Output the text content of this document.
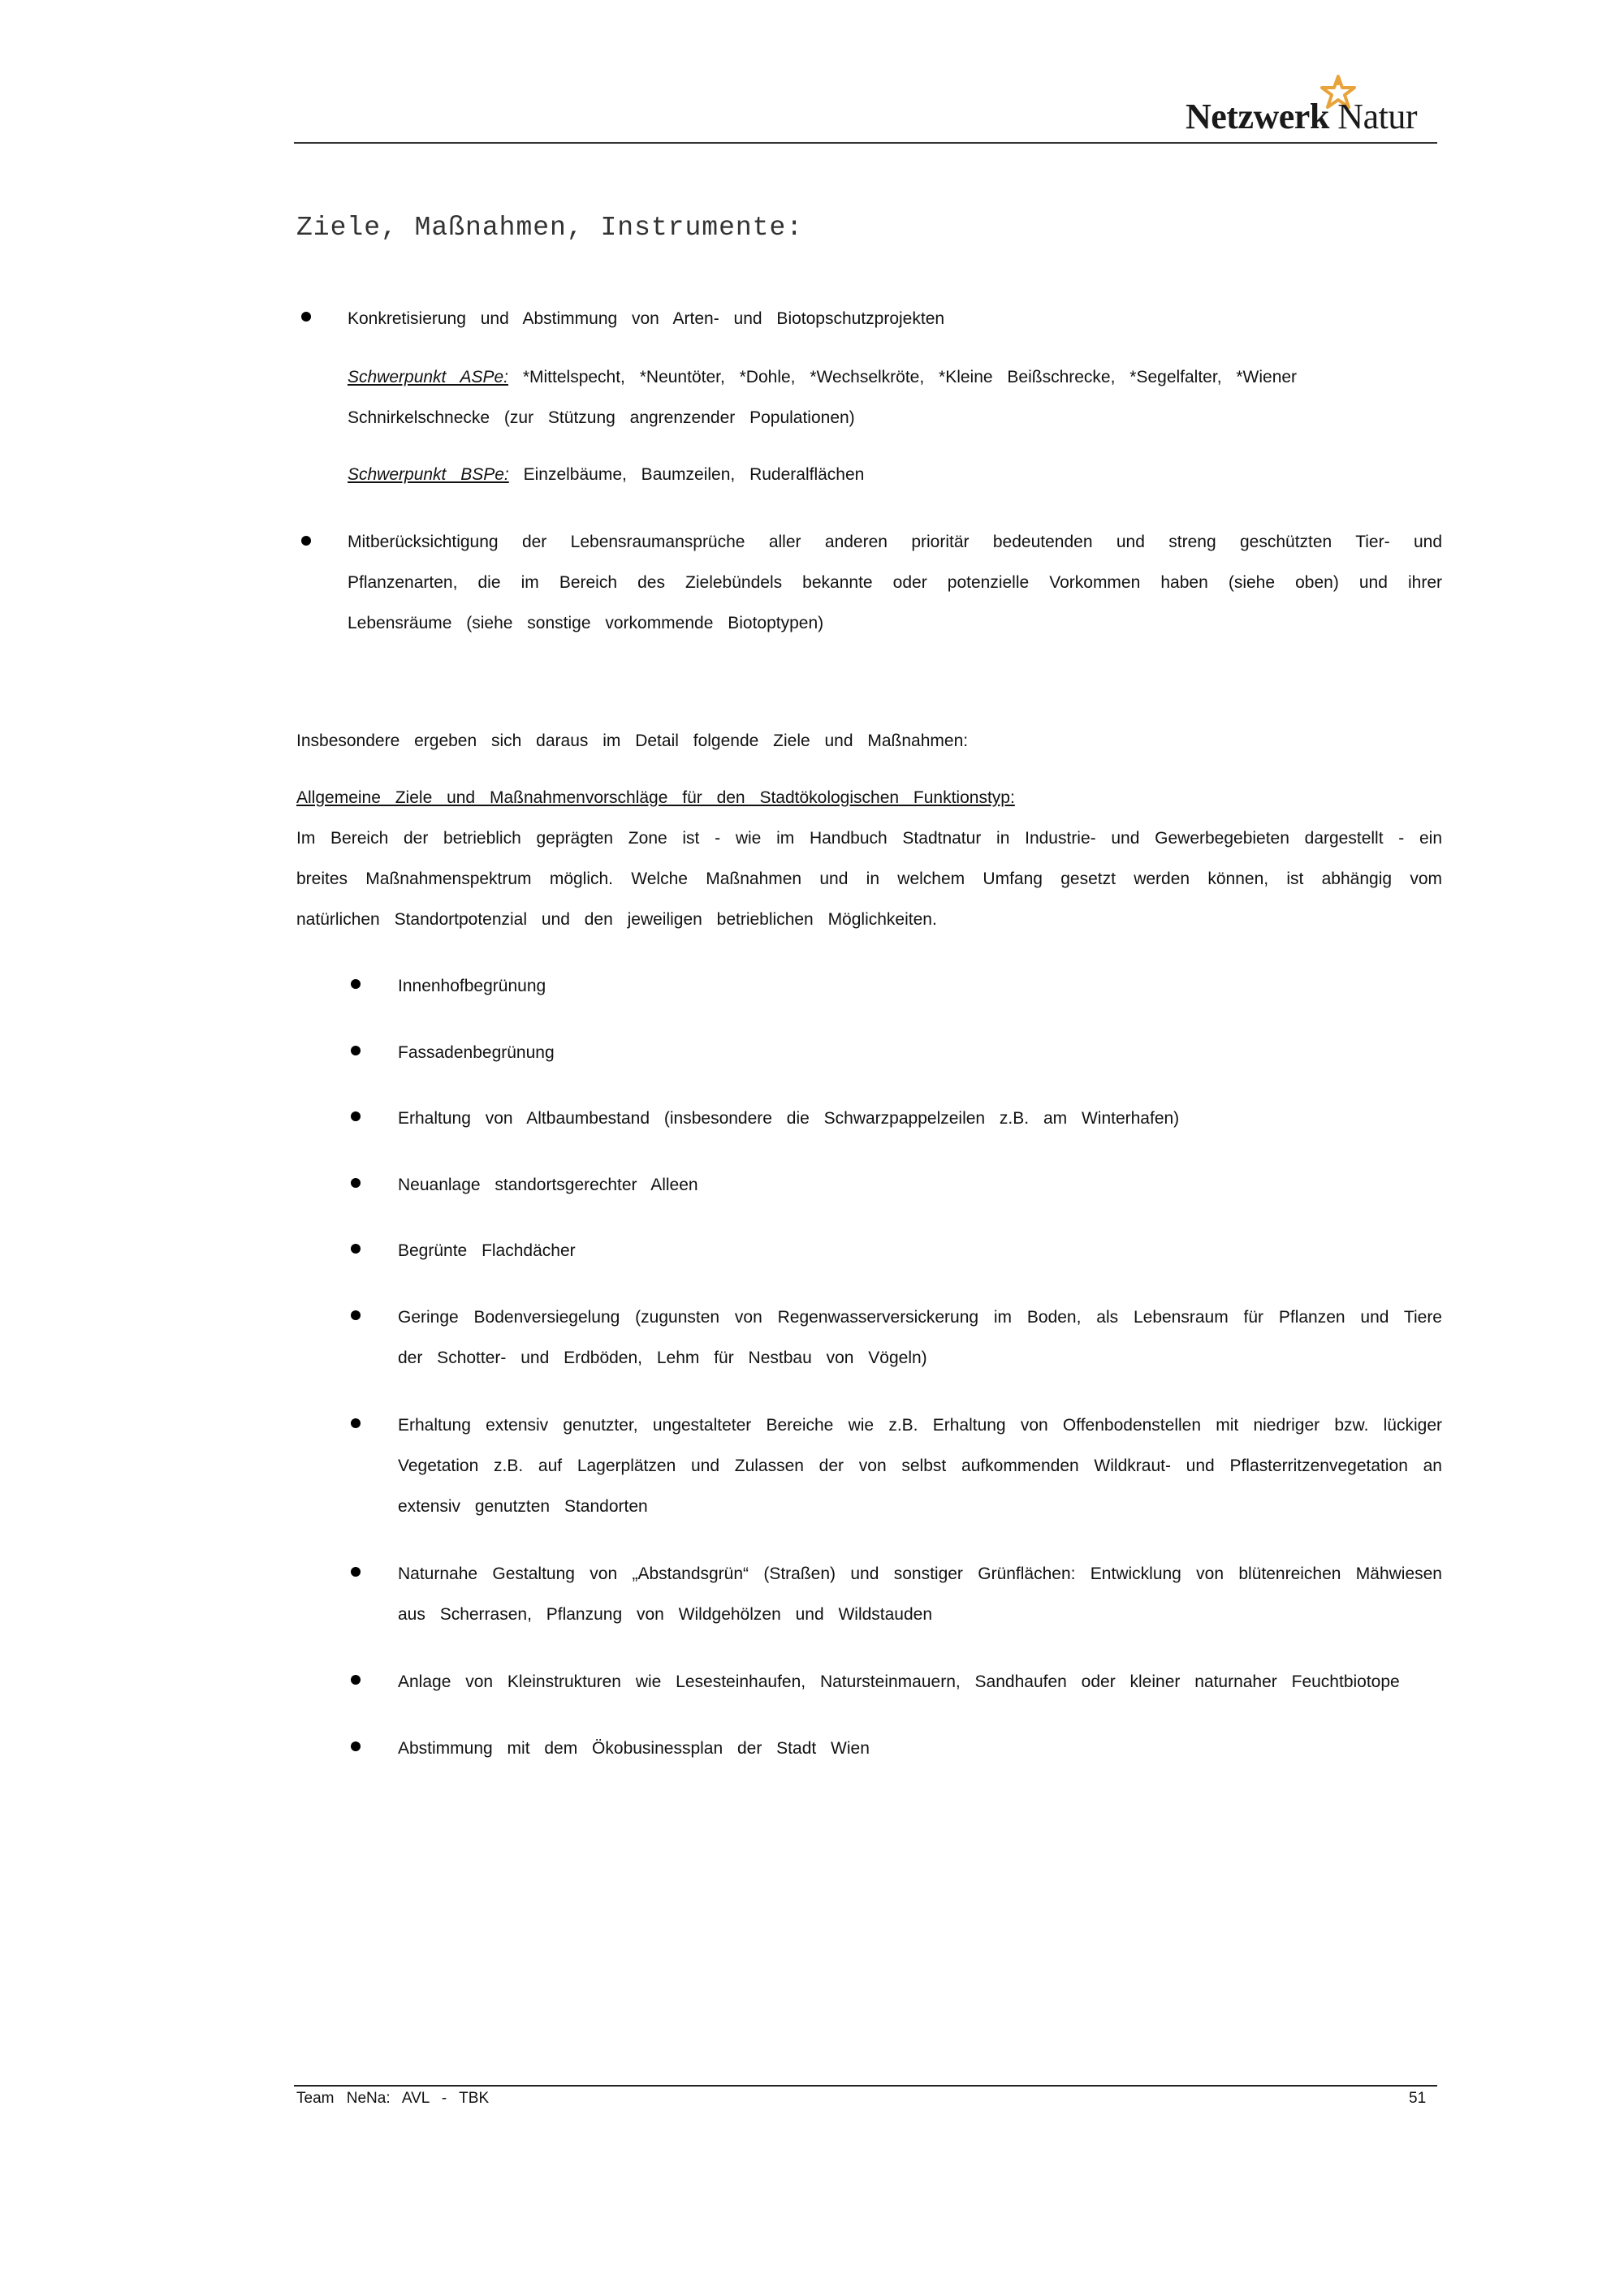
Netzwerk Natur
Ziele, Maßnahmen, Instrumente:
Konkretisierung und Abstimmung von Arten- und Biotopschutzprojekten
Schwerpunkt ASPe: *Mittelspecht, *Neuntöter, *Dohle, *Wechselkröte, *Kleine Beißschrecke, *Segelfalter, *Wiener
Schnirkelschnecke (zur Stützung angrenzender Populationen)
Schwerpunkt BSPe: Einzelbäume, Baumzeilen, Ruderalflächen
Mitberücksichtigung der Lebensraumansprüche aller anderen prioritär bedeutenden und streng geschützten Tier- und Pflanzenarten, die im Bereich des Zielebündels bekannte oder potenzielle Vorkommen haben (siehe oben) und ihrer Lebensräume (siehe sonstige vorkommende Biotoptypen)
Insbesondere ergeben sich daraus im Detail folgende Ziele und Maßnahmen:
Allgemeine Ziele und Maßnahmenvorschläge für den Stadtökologischen Funktionstyp:
Im Bereich der betrieblich geprägten Zone ist - wie im Handbuch Stadtnatur in Industrie- und Gewerbegebieten dargestellt - ein breites Maßnahmenspektrum möglich. Welche Maßnahmen und in welchem Umfang gesetzt werden können, ist abhängig vom natürlichen Standortpotenzial und den jeweiligen betrieblichen Möglichkeiten.
Innenhofbegrünung
Fassadenbegrünung
Erhaltung von Altbaumbestand (insbesondere die Schwarzpappelzeilen z.B. am Winterhafen)
Neuanlage standortsgerechter Alleen
Begrünte Flachdächer
Geringe Bodenversiegelung (zugunsten von Regenwasserversickerung im Boden, als Lebensraum für Pflanzen und Tiere der Schotter- und Erdböden, Lehm für Nestbau von Vögeln)
Erhaltung extensiv genutzter, ungestalteter Bereiche wie z.B. Erhaltung von Offenbodenstellen mit niedriger bzw. lückiger Vegetation z.B. auf Lagerplätzen und Zulassen der von selbst aufkommenden Wildkraut- und Pflasterritzenvegetation an extensiv genutzten Standorten
Naturnahe Gestaltung von „Abstandsgrün“ (Straßen) und sonstiger Grünflächen: Entwicklung von blütenreichen Mähwiesen aus Scherrasen, Pflanzung von Wildgehölzen und Wildstauden
Anlage von Kleinstrukturen wie Lesesteinhaufen, Natursteinmauern, Sandhaufen oder kleiner naturnaher Feuchtbiotope
Abstimmung mit dem Ökobusinessplan der Stadt Wien
Team NeNa: AVL - TBK	51
